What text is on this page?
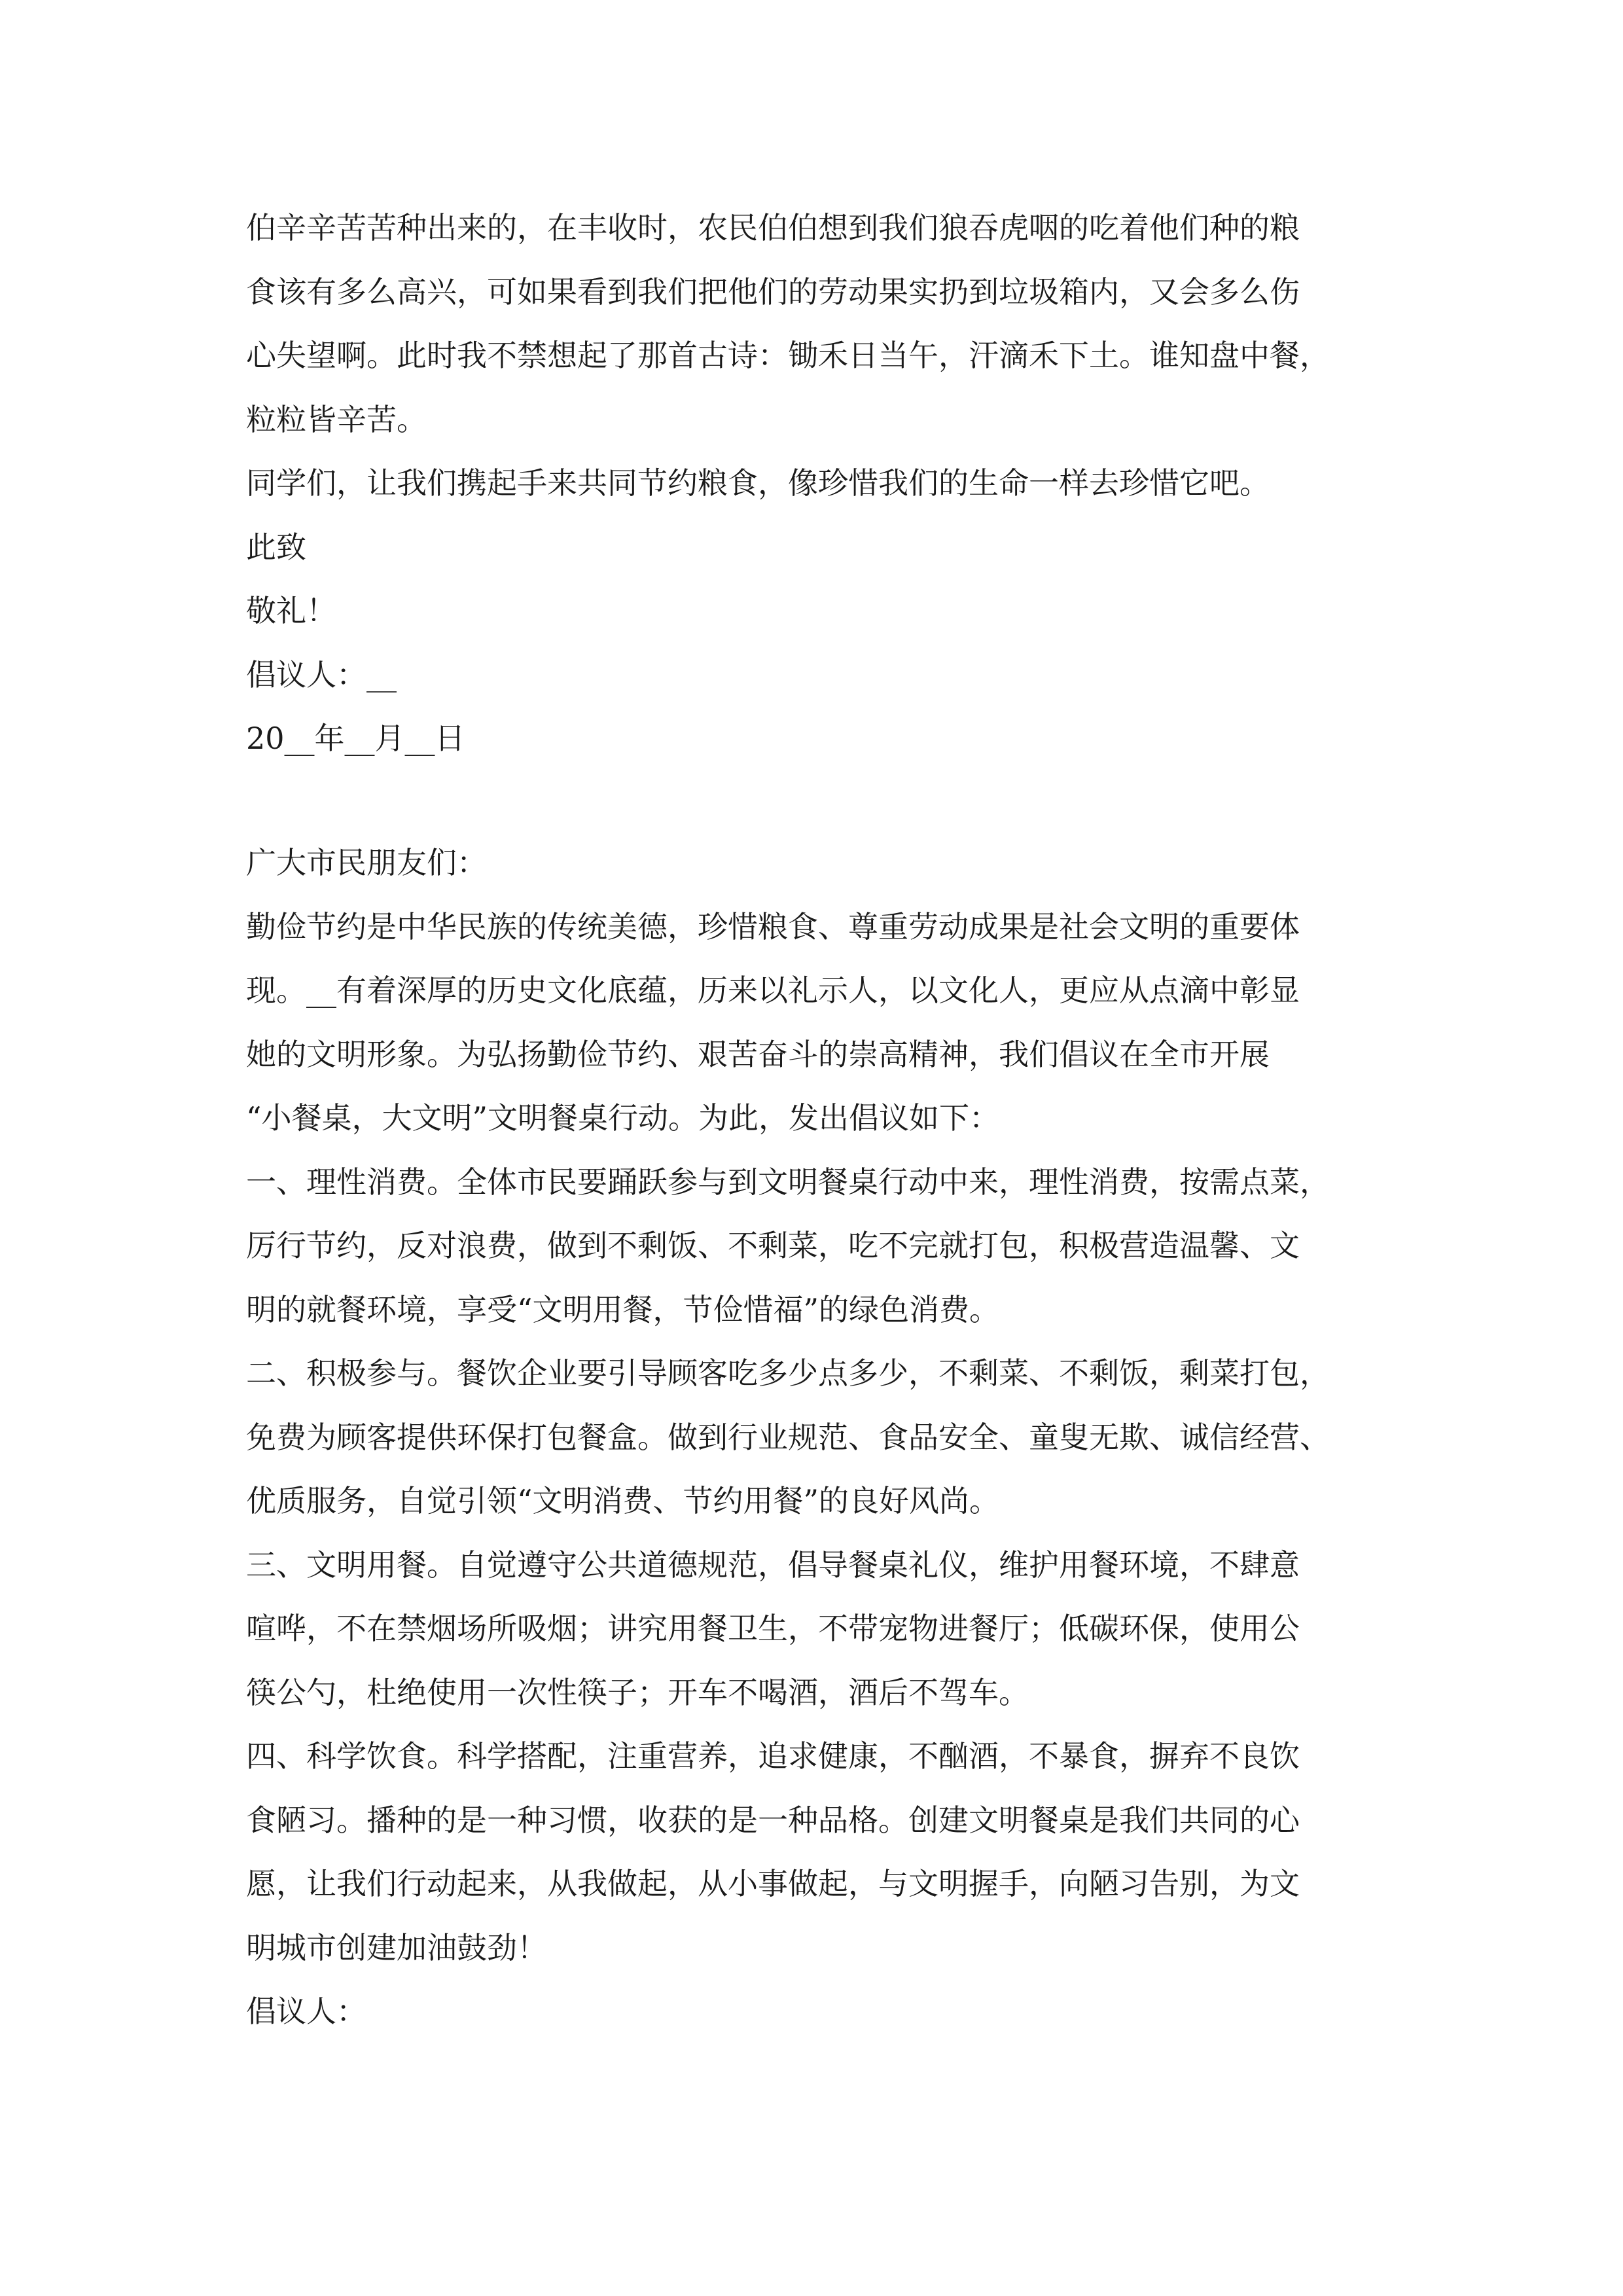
伯辛辛苦苦种出来的，在丰收时，农民伯伯想到我们狼吞虎咽的吃着他们种的粮
食该有多么高兴，可如果看到我们把他们的劳动果实扔到垃圾箱内，又会多么伤
心失望啊。此时我不禁想起了那首古诗：锄禾日当午，汗滴禾下土。谁知盘中餐，
粒粒皆辛苦。
同学们，让我们携起手来共同节约粮食，像珍惜我们的生命一样去珍惜它吧。
此致
敬礼！
倡议人：__
20__年__月__日
广大市民朋友们：
勤俭节约是中华民族的传统美德，珍惜粮食、尊重劳动成果是社会文明的重要体
现。__有着深厚的历史文化底蕴，历来以礼示人，以文化人，更应从点滴中彰显
她的文明形象。为弘扬勤俭节约、艰苦奋斗的崇高精神，我们倡议在全市开展
“小餐桌，大文明”文明餐桌行动。为此，发出倡议如下：
一、理性消费。全体市民要踊跃参与到文明餐桌行动中来，理性消费，按需点菜，
厉行节约，反对浪费，做到不剩饭、不剩菜，吃不完就打包，积极营造温馨、文
明的就餐环境，享受“文明用餐，节俭惜福”的绿色消费。
二、积极参与。餐饮企业要引导顾客吃多少点多少，不剩菜、不剩饭，剩菜打包，
免费为顾客提供环保打包餐盒。做到行业规范、食品安全、童叟无欺、诚信经营、
优质服务，自觉引领“文明消费、节约用餐”的良好风尚。
三、文明用餐。自觉遵守公共道德规范，倡导餐桌礼仪，维护用餐环境，不肆意
喧哗，不在禁烟场所吸烟；讲究用餐卫生，不带宠物进餐厅；低碳环保，使用公
筷公勺，杜绝使用一次性筷子；开车不喝酒，酒后不驾车。
四、科学饮食。科学搭配，注重营养，追求健康，不酗酒，不暴食，摒弃不良饮
食陋习。播种的是一种习惯，收获的是一种品格。创建文明餐桌是我们共同的心
愿，让我们行动起来，从我做起，从小事做起，与文明握手，向陋习告别，为文
明城市创建加油鼓劲！
倡议人：
